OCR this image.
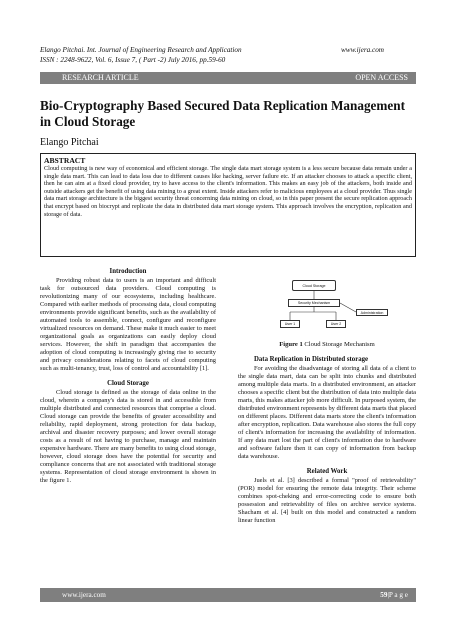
Elango Pitchai. Int. Journal of Engineering Research and Application	www.ijera.com
ISSN : 2248-9622, Vol. 6, Issue 7, ( Part -2) July 2016, pp.59-60
RESEARCH ARTICLE	OPEN ACCESS
Bio-Cryptography Based Secured Data Replication Management
in Cloud Storage
Elango Pitchai
ABSTRACT
Cloud computing is new way of economical and efficient storage. The single data mart storage system is a less secure because data remain under a single data mart. This can lead to data loss due to different causes like hacking, server failure etc. If an attacker chooses to attack a specific client, then he can aim at a fixed cloud provider, try to have access to the client's information. This makes an easy job of the attackers, both inside and outside attackers get the benefit of using data mining to a great extent. Inside attackers refer to malicious employees at a cloud provider. Thus single data mart storage architecture is the biggest security threat concerning data mining on cloud, so in this paper present the secure replication approach that encrypt based on biocrypt and replicate the data in distributed data mart storage system. This approach involves the encryption, replication and storage of data.
Introduction

Providing robust data to users is an important and difficult task for outsourced data providers. Cloud computing is revolutionizing many of our ecosystems, including healthcare. Compared with earlier methods of processing data, cloud computing environments provide significant benefits, such as the availability of automated tools to assemble, connect, configure and reconfigure virtualized resources on demand. These make it much easier to meet organizational goals as organizations can easily deploy cloud services. However, the shift in paradigm that accompanies the adoption of cloud computing is increasingly giving rise to security and privacy considerations relating to facets of cloud computing such as multi-tenancy, trust, loss of control and accountability [1].

Cloud Storage

Cloud storage is defined as the storage of data online in the cloud, wherein a company's data is stored in and accessible from multiple distributed and connected resources that comprise a cloud. Cloud storage can provide the benefits of greater accessibility and reliability, rapid deployment, strong protection for data backup, archival and disaster recovery purposes; and lower overall storage costs as a result of not having to purchase, manage and maintain expensive hardware. There are many benefits to using cloud storage, however, cloud storage does have the potential for security and compliance concerns that are not associated with traditional storage systems. Representation of cloud storage environment is shown in the figure 1.

Cloud Storage
Security Mechanism
Administration
User 1	User 2
Figure 1 Cloud Storage Mechanism
Data Replication in Distributed storage

For avoiding the disadvantage of storing all data of a client to the single data mart, data can be split into chunks and distributed among multiple data marts. In a distributed environment, an attacker chooses a specific client but the distribution of data into multiple data marts, this makes attacker job more difficult. In purposed system, the distributed environment represents by different data marts that placed on different places. Different data marts store the client's information after encryption, replication. Data warehouse also stores the full copy of client's information for increasing the availability of information. If any data mart lost the part of client's information due to hardware and software failure then it can copy of information from backup data warehouse.

Related Work

Juels et al. [3] described a formal "proof of retrievability" (POR) model for ensuring the remote data integrity. Their scheme combines spot-cheking and error-correcting code to ensure both possession and retrievability of files on archive service systems. Shacham et al. [4] built on this model and constructed a random linear function

www.ijera.com	59|P a g e
